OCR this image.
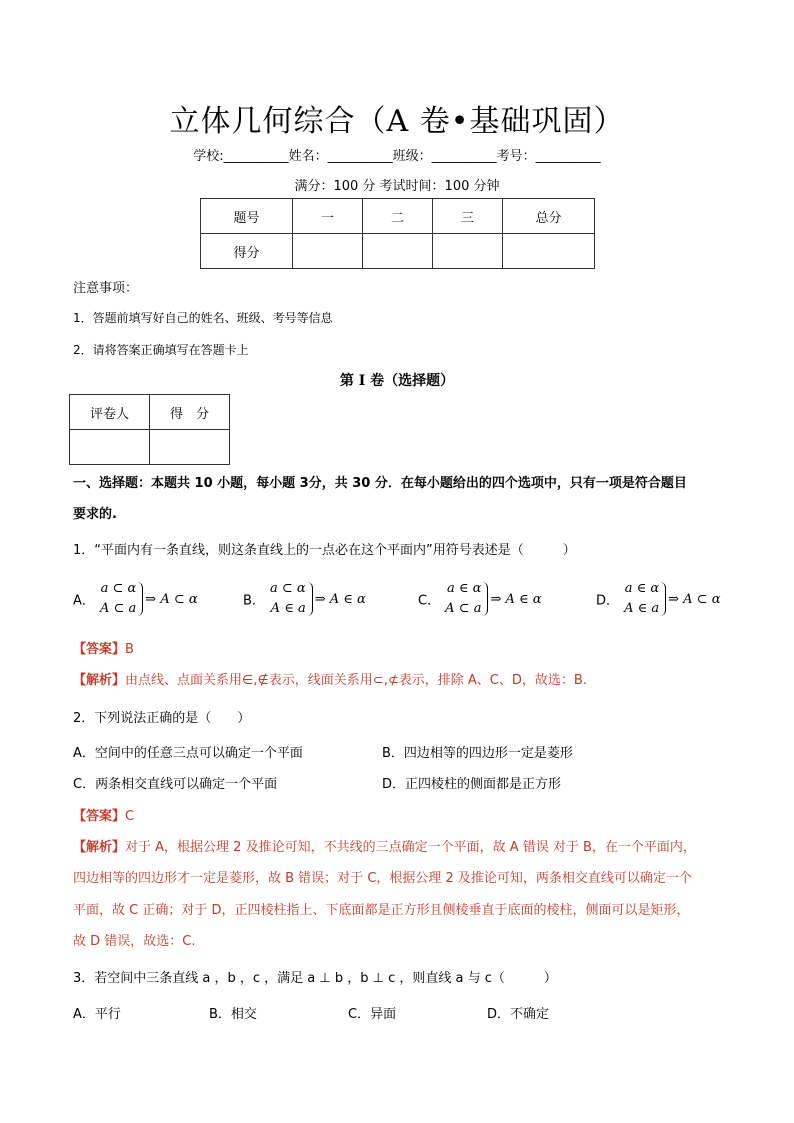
立体几何综合（A 卷•基础巩固）
学校:__________姓名：__________班级：__________考号：__________
满分：100 分 考试时间：100 分钟
题号	一	二	三	总分
得分				
注意事项：
1．答题前填写好自己的姓名、班级、考号等信息
2．请将答案正确填写在答题卡上
第 I 卷（选择题）
评卷人	得　分

一、选择题：本题共 10 小题，每小题 3分，共 30 分．在每小题给出的四个选项中，只有一项是符合题目
要求的.
1．“平面内有一条直线，则这条直线上的一点必在这个平面内”用符号表述是（　　　）
A．
a ⊂ α
A ⊂ a
⇒ A ⊂ α	B．
a ⊂ α
A ∈ a
⇒ A ∈ α	C．
a ∈ α
A ⊂ a
⇒ A ∈ α	D．
a ∈ α
A ∈ a
⇒ A ⊂ α
【答案】B
【解析】由点线、点面关系用∈,∉表示，线面关系用⊂,⊄表示，排除 A、C、D，故选：B.
2．下列说法正确的是（　　）
A．空间中的任意三点可以确定一个平面	B．四边相等的四边形一定是菱形
C．两条相交直线可以确定一个平面	D．正四棱柱的侧面都是正方形
【答案】C
【解析】对于 A，根据公理 2 及推论可知，不共线的三点确定一个平面，故 A 错误 对于 B，在一个平面内，
四边相等的四边形才一定是菱形，故 B 错误；对于 C，根据公理 2 及推论可知，两条相交直线可以确定一个
平面，故 C 正确；对于 D，正四棱柱指上、下底面都是正方形且侧棱垂直于底面的棱柱，侧面可以是矩形，
故 D 错误，故选：C.
3．若空间中三条直线 a ，b ，c ，满足 a ⊥ b ，b ⊥ c ，则直线 a 与 c（　　　）
A．平行	B．相交	C．异面	D．不确定
